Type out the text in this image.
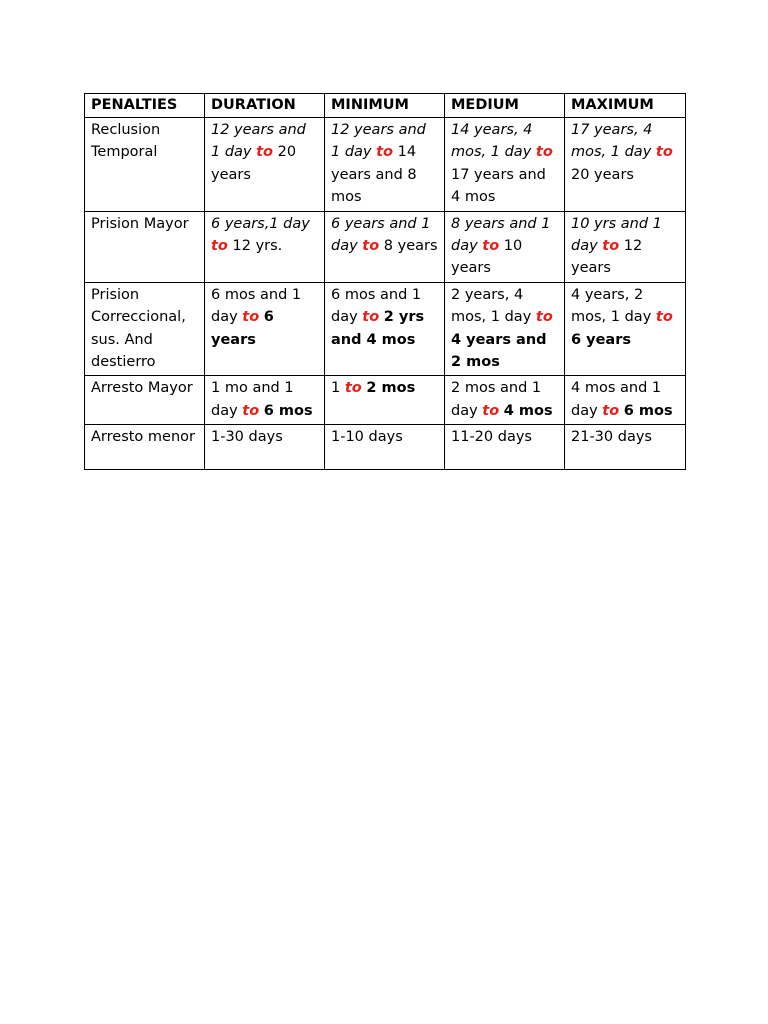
PENALTIES	DURATION	MINIMUM	MEDIUM	MAXIMUM
Reclusion Temporal	12 years and 1 day to 20 years	12 years and 1 day to 14 years and 8 mos	14 years, 4 mos, 1 day to 17 years and 4 mos	17 years, 4 mos, 1 day to 20 years
Prision Mayor	6 years,1 day to 12 yrs.	6 years and 1 day to 8 years	8 years and 1 day to 10 years	10 yrs and 1 day to 12 years
Prision Correccional, sus. And destierro	6 mos and 1 day to 6 years	6 mos and 1 day to 2 yrs and 4 mos	2 years, 4 mos, 1 day to 4 years and 2 mos	4 years, 2 mos, 1 day to 6 years
Arresto Mayor	1 mo and 1 day to 6 mos	1 to 2 mos	2 mos and 1 day to 4 mos	4 mos and 1 day to 6 mos
Arresto menor	1-30 days	1-10 days	11-20 days	21-30 days
